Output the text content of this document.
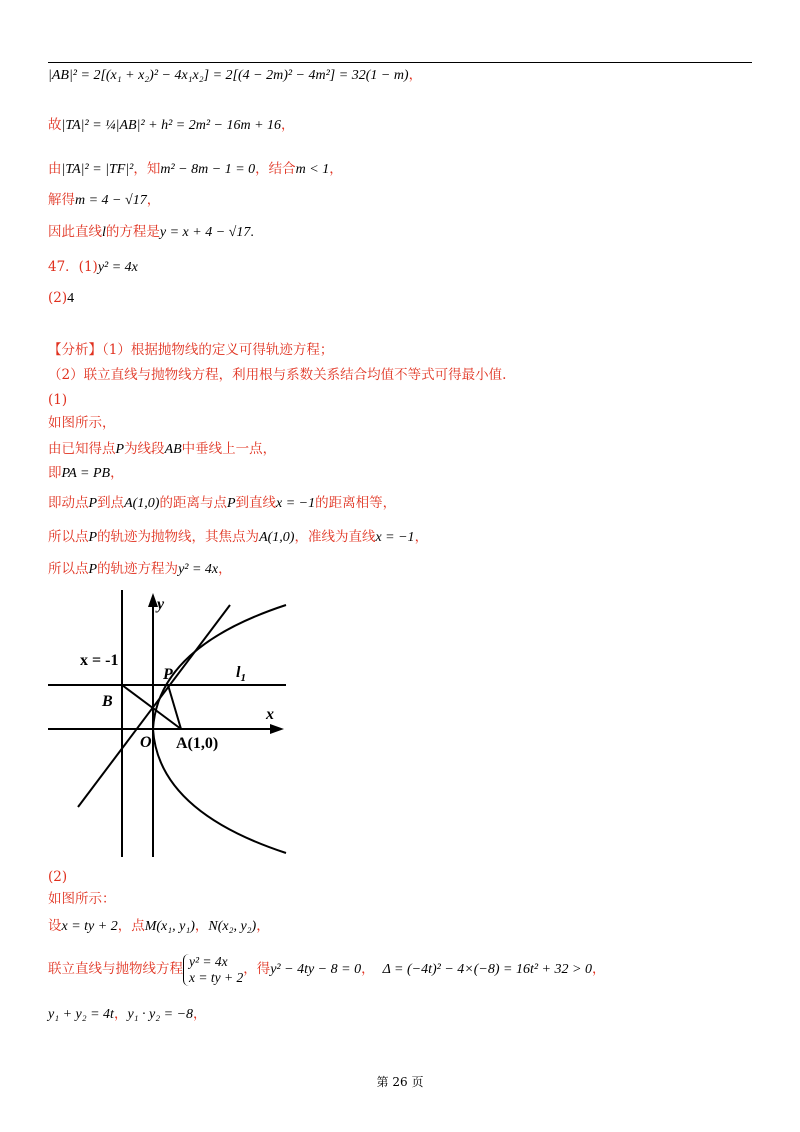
|AB|² = 2[(x₁ + x₂)² − 4x₁x₂] = 2[(4 − 2m)² − 4m²] = 32(1 − m)，
故|TA|² = ¼|AB|² + h² = 2m² − 16m + 16，
由|TA|² = |TF|²，知m² − 8m − 1 = 0，结合m < 1，
解得m = 4 − √17，
因此直线l的方程是y = x + 4 − √17.
47．(1)y² = 4x
(2)4
【分析】（1）根据抛物线的定义可得轨迹方程；
（2）联立直线与抛物线方程，利用根与系数关系结合均值不等式可得最小值.
(1)
如图所示，
由已知得点P为线段AB中垂线上一点，
即PA = PB，
即动点P到点A(1,0)的距离与点P到直线x = −1的距离相等，
所以点P的轨迹为抛物线，其焦点为A(1,0)，准线为直线x = −1，
所以点P的轨迹方程为y² = 4x，
x = -1
y
x
P
B
O A(1,0)
$l_1$
(2)
如图所示：
设x = ty + 2，点M(x₁, y₁)，N(x₂, y₂)，
联立直线与抛物线方程 y² = 4x
x = ty + 2，得y² − 4ty − 8 = 0， Δ = (−4t)² − 4×(−8) = 16t² + 32 > 0，
y₁ + y₂ = 4t，y₁ · y₂ = −8，
第 26 页
